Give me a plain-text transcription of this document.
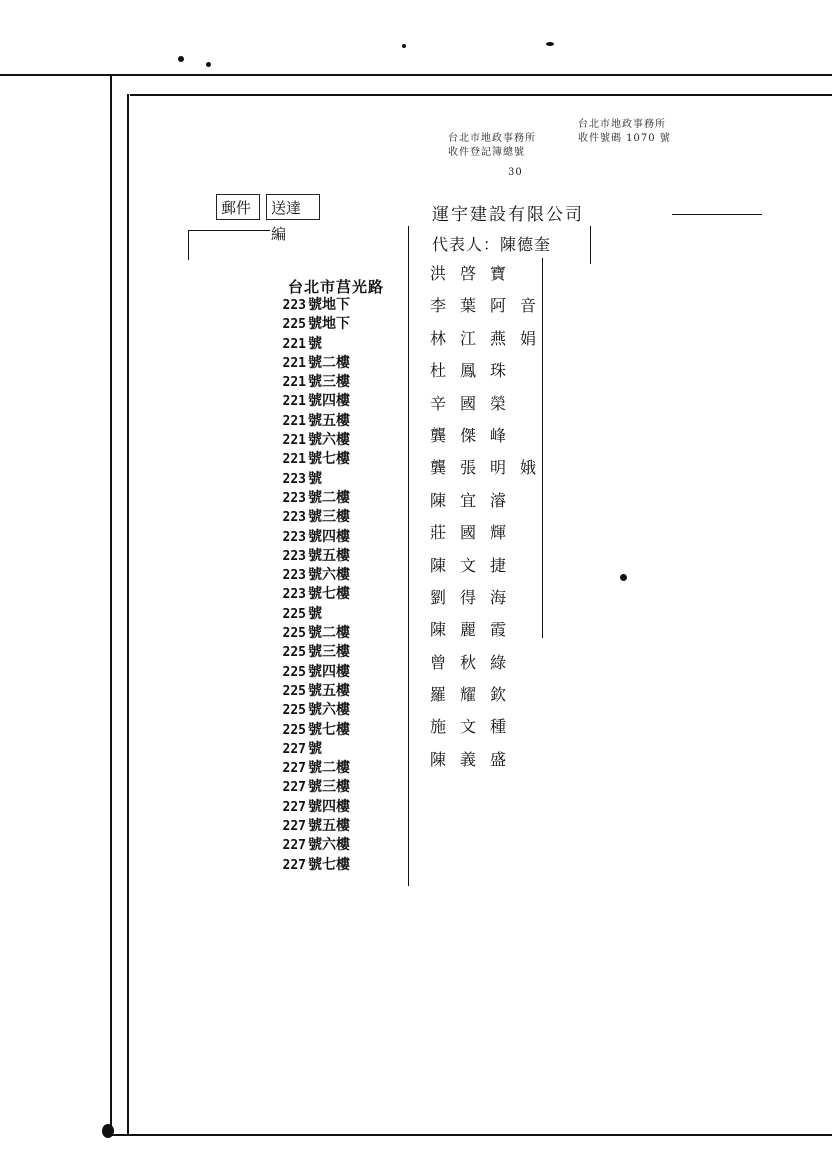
台北市地政事務所
收件登記簿總號
台北市地政事務所
收件號碼 1070 號
30
郵件	送達編
運宇建設有限公司
代表人：陳德奎
台北市莒光路
223 號地下
225 號地下
221 號
221 號二樓
221 號三樓
221 號四樓
221 號五樓
221 號六樓
221 號七樓
223 號
223 號二樓
223 號三樓
223 號四樓
223 號五樓
223 號六樓
223 號七樓
225 號
225 號二樓
225 號三樓
225 號四樓
225 號五樓
225 號六樓
225 號七樓
227 號
227 號二樓
227 號三樓
227 號四樓
227 號五樓
227 號六樓
227 號七樓
洪啓寶
李葉阿音
林江燕娟
杜鳳珠
辛國榮
龔傑峰
龔張明娥
陳宜濬
莊國輝
陳文捷
劉得海
陳麗霞
曾秋綠
羅耀欽
施文種
陳義盛
